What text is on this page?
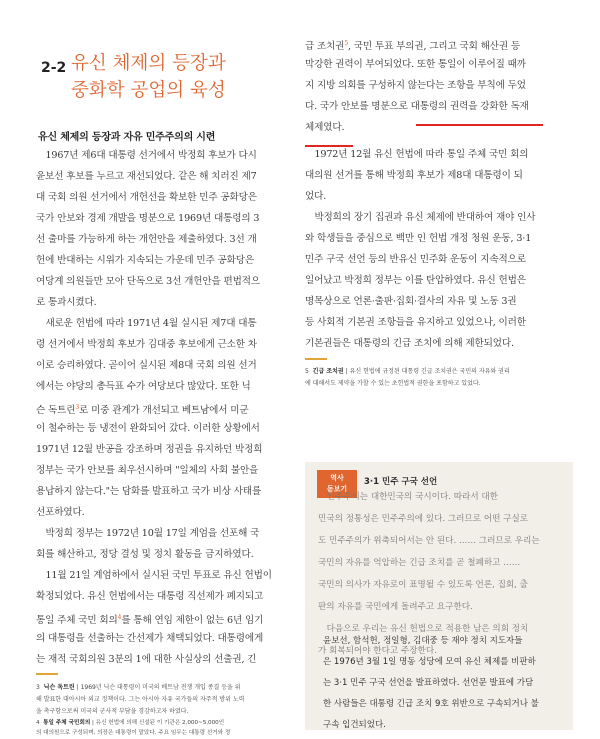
2-2 유신 체제의 등장과
중화학 공업의 육성
유신 체제의 등장과 자유 민주주의의 시련
　1967년 제6대 대통령 선거에서 박정희 후보가 다시
윤보선 후보를 누르고 재선되었다. 같은 해 치러진 제7
대 국회 의원 선거에서 개헌선을 확보한 민주 공화당은
국가 안보와 경제 개발을 명분으로 1969년 대통령의 3
선 출마를 가능하게 하는 개헌안을 제출하였다. 3선 개
헌에 반대하는 시위가 지속되는 가운데 민주 공화당은
여당계 의원들만 모아 단독으로 3선 개헌안을 편법적으
로 통과시켰다.
　새로운 헌법에 따라 1971년 4월 실시된 제7대 대통
령 선거에서 박정희 후보가 김대중 후보에게 근소한 차
이로 승리하였다. 곧이어 실시된 제8대 국회 의원 선거
에서는 야당의 총득표 수가 여당보다 많았다. 또한 닉
슨 독트린$^3$로 미중 관계가 개선되고 베트남에서 미군
이 철수하는 등 냉전이 완화되어 갔다. 이러한 상황에서
1971년 12월 반공을 강조하며 정권을 유지하던 박정희
정부는 국가 안보를 최우선시하며 "일체의 사회 불안을
용납하지 않는다."는 담화를 발표하고 국가 비상 사태를
선포하였다.
　박정희 정부는 1972년 10월 17일 계엄을 선포해 국
회를 해산하고, 정당 결성 및 정치 활동을 금지하였다.
　11월 21일 계엄하에서 실시된 국민 투표로 유신 헌법이
확정되었다. 유신 헌법에서는 대통령 직선제가 폐지되고
통일 주체 국민 회의$^4$를 통해 연임 제한이 없는 6년 임기
의 대통령을 선출하는 간선제가 채택되었다. 대통령에게
는 재적 국회의원 3분의 1에 대한 사실상의 선출권, 긴
급 조치권$^5$, 국민 투표 부의권, 그리고 국회 해산권 등
막강한 권력이 부여되었다. 또한 통일이 이루어질 때까
지 지방 의회를 구성하지 않는다는 조항을 부칙에 두었
다. 국가 안보를 명분으로 대통령의 권력을 강화한 독재
체제였다.
　1972년 12월 유신 헌법에 따라 통일 주체 국민 회의
대의원 선거를 통해 박정희 후보가 제8대 대통령이 되
었다.
　박정희의 장기 집권과 유신 체제에 반대하여 재야 인사
와 학생들을 중심으로 백만 인 헌법 개정 청원 운동, 3·1
민주 구국 선언 등의 반유신 민주화 운동이 지속적으로
일어났고 박정희 정부는 이를 탄압하였다. 유신 헌법은
명목상으로 언론·출판·집회·결사의 자유 및 노동 3권
등 사회적 기본권 조항들을 유지하고 있었으나, 이러한
기본권들은 대통령의 긴급 조치에 의해 제한되었다.
5 긴급 조치권 | 유신 헌법에 규정된 대통령 긴급 조치권은 국민의 자유와 권리
에 대해서도 제약을 가할 수 있는 초헌법적 권한을 포함하고 있었다.
3 닉슨 독트린 | 1969년 닉슨 대통령이 미국의 베트남 전쟁 개입 종결 등을 위
해 발표한 대아시아 외교 정책이다. 그는 아시아 자유 국가들의 자주적 방위 노력
을 촉구함으로써 미국의 군사적 부담을 경감하고자 하였다.
4 통일 주체 국민회의 | 유신 헌법에 의해 신설된 이 기관은 2,000~5,000인
의 대의원으로 구성되며, 의장은 대통령이 맡았다. 주요 임무는 대통령 선거와 정
역사
돋보기
3·1 민주 구국 선언
　민주주의는 대한민국의 국시이다. 따라서 대한
민국의 정통성은 민주주의에 있다. 그러므로 어떤 구실로
도 민주주의가 위축되어서는 안 된다. …… 그러므로 우리는
국민의 자유를 억압하는 긴급 조치를 곧 철폐하고 ……
국민의 의사가 자유로이 표명될 수 있도록 언론, 집회, 출
판의 자유를 국민에게 돌려주고 요구한다.
　다음으로 우리는 유신 헌법으로 적용한 남은 의회 정치
가 회복되어야 한다고 주장한다.
윤보선, 함석헌, 정일형, 김대중 등 재야 정치 지도자들
은 1976년 3월 1일 명동 성당에 모여 유신 체제를 비판하
는 3·1 민주 구국 선언을 발표하였다. 선언문 발표에 가담
한 사람들은 대통령 긴급 조치 9호 위반으로 구속되거나 불
구속 입건되었다.
